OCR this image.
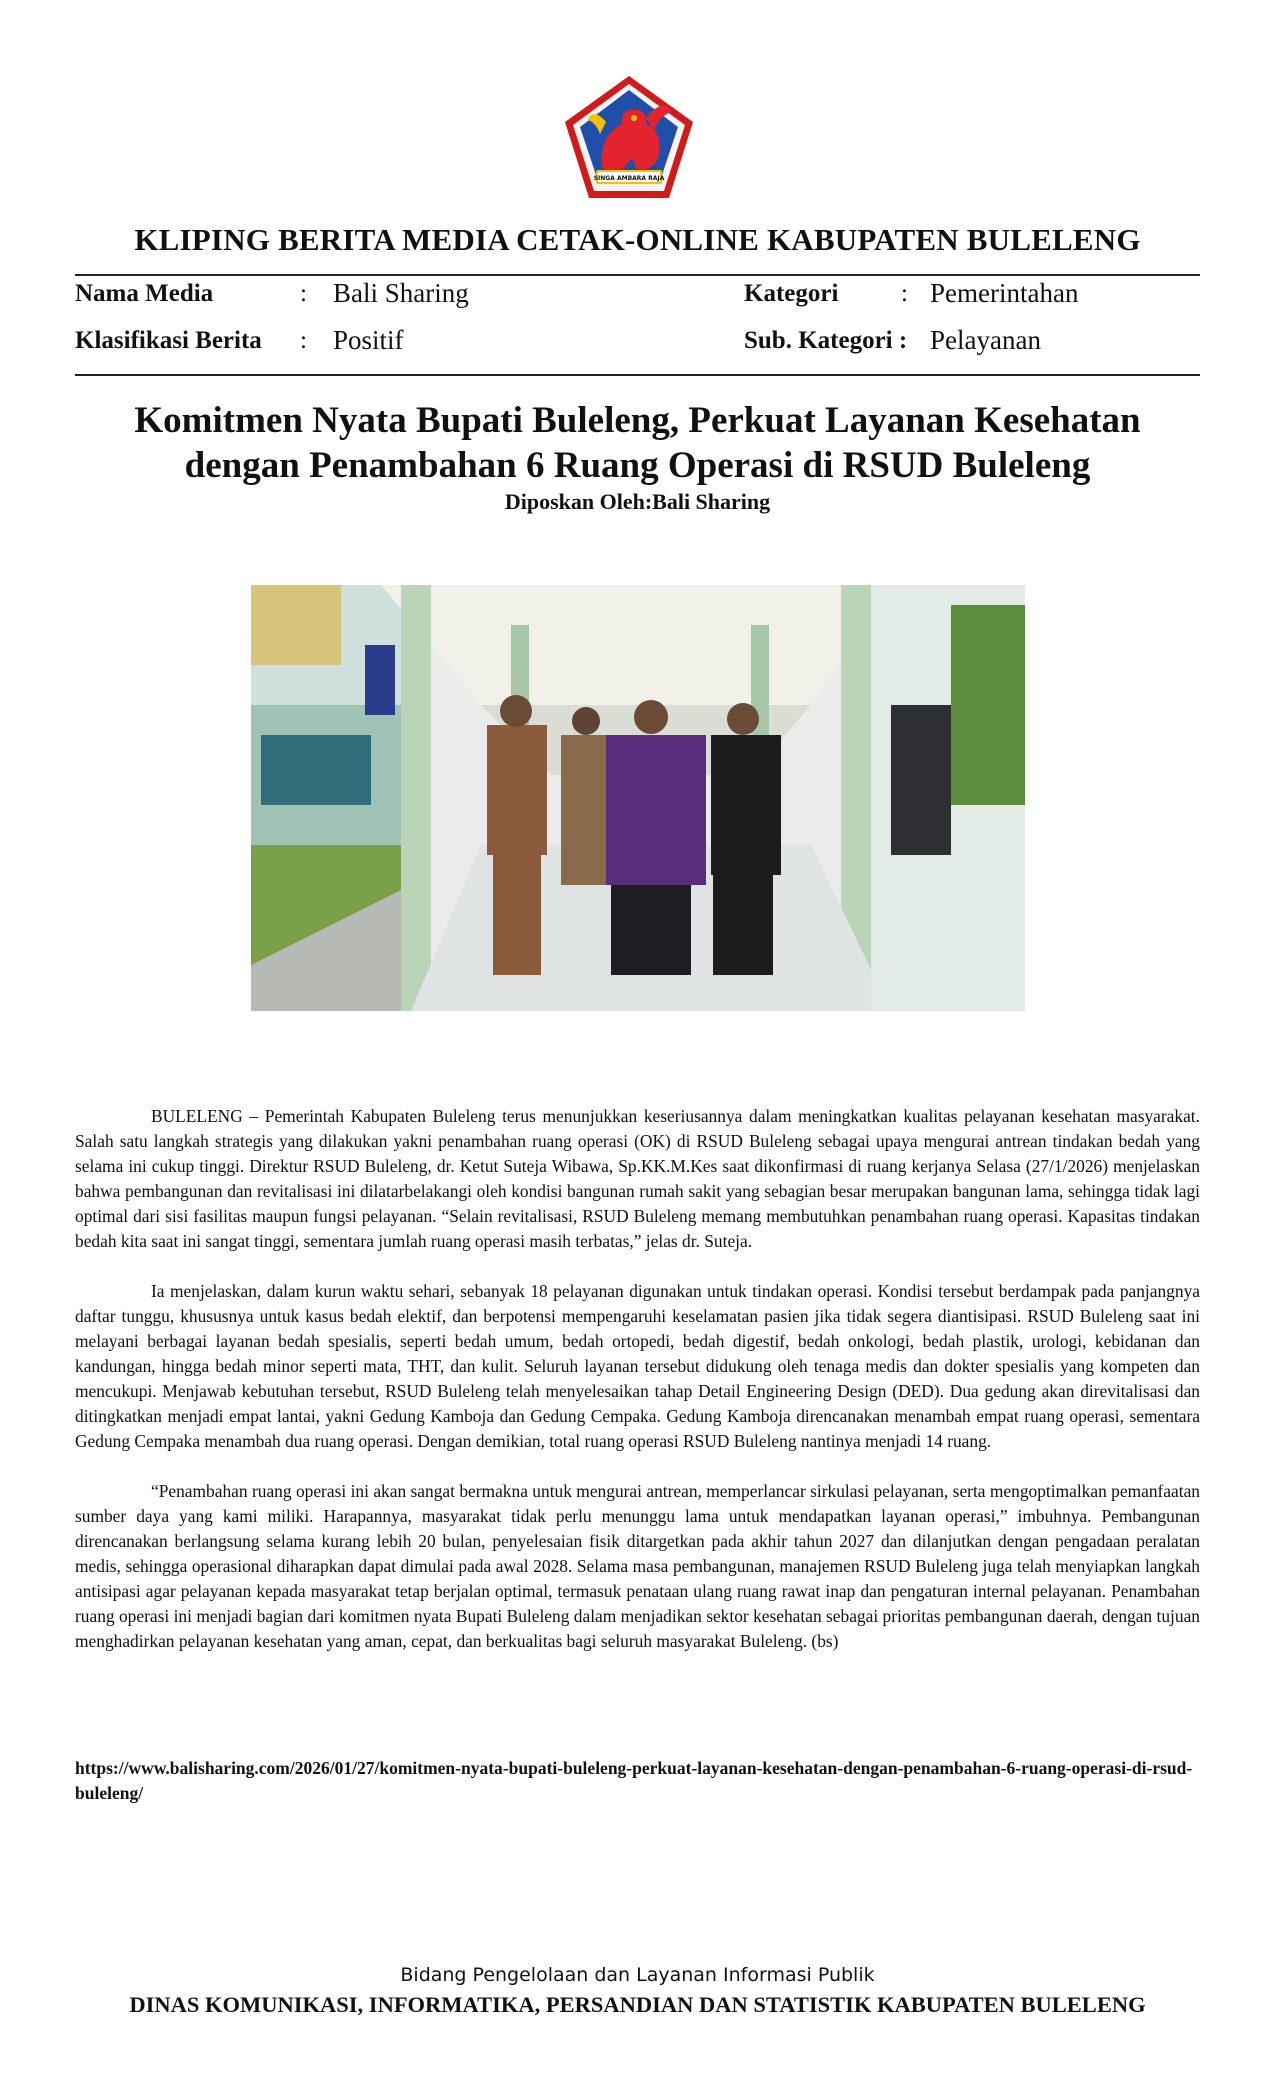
SINGA AMBARA RAJA
KLIPING BERITA MEDIA CETAK-ONLINE KABUPATEN BULELENG
Nama Media	: Bali Sharing	Kategori	: Pemerintahan
Klasifikasi Berita : Positif	Sub. Kategori : Pelayanan
Komitmen Nyata Bupati Buleleng, Perkuat Layanan Kesehatan dengan Penambahan 6 Ruang Operasi di RSUD Buleleng
Diposkan Oleh:Bali Sharing

BULELENG – Pemerintah Kabupaten Buleleng terus menunjukkan keseriusannya dalam meningkatkan kualitas pelayanan kesehatan masyarakat. Salah satu langkah strategis yang dilakukan yakni penambahan ruang operasi (OK) di RSUD Buleleng sebagai upaya mengurai antrean tindakan bedah yang selama ini cukup tinggi. Direktur RSUD Buleleng, dr. Ketut Suteja Wibawa, Sp.KK.M.Kes saat dikonfirmasi di ruang kerjanya Selasa (27/1/2026) menjelaskan bahwa pembangunan dan revitalisasi ini dilatarbelakangi oleh kondisi bangunan rumah sakit yang sebagian besar merupakan bangunan lama, sehingga tidak lagi optimal dari sisi fasilitas maupun fungsi pelayanan. “Selain revitalisasi, RSUD Buleleng memang membutuhkan penambahan ruang operasi. Kapasitas tindakan bedah kita saat ini sangat tinggi, sementara jumlah ruang operasi masih terbatas,” jelas dr. Suteja.

Ia menjelaskan, dalam kurun waktu sehari, sebanyak 18 pelayanan digunakan untuk tindakan operasi. Kondisi tersebut berdampak pada panjangnya daftar tunggu, khususnya untuk kasus bedah elektif, dan berpotensi mempengaruhi keselamatan pasien jika tidak segera diantisipasi. RSUD Buleleng saat ini melayani berbagai layanan bedah spesialis, seperti bedah umum, bedah ortopedi, bedah digestif, bedah onkologi, bedah plastik, urologi, kebidanan dan kandungan, hingga bedah minor seperti mata, THT, dan kulit. Seluruh layanan tersebut didukung oleh tenaga medis dan dokter spesialis yang kompeten dan mencukupi. Menjawab kebutuhan tersebut, RSUD Buleleng telah menyelesaikan tahap Detail Engineering Design (DED). Dua gedung akan direvitalisasi dan ditingkatkan menjadi empat lantai, yakni Gedung Kamboja dan Gedung Cempaka. Gedung Kamboja direncanakan menambah empat ruang operasi, sementara Gedung Cempaka menambah dua ruang operasi. Dengan demikian, total ruang operasi RSUD Buleleng nantinya menjadi 14 ruang.

“Penambahan ruang operasi ini akan sangat bermakna untuk mengurai antrean, memperlancar sirkulasi pelayanan, serta mengoptimalkan pemanfaatan sumber daya yang kami miliki. Harapannya, masyarakat tidak perlu menunggu lama untuk mendapatkan layanan operasi,” imbuhnya. Pembangunan direncanakan berlangsung selama kurang lebih 20 bulan, penyelesaian fisik ditargetkan pada akhir tahun 2027 dan dilanjutkan dengan pengadaan peralatan medis, sehingga operasional diharapkan dapat dimulai pada awal 2028. Selama masa pembangunan, manajemen RSUD Buleleng juga telah menyiapkan langkah antisipasi agar pelayanan kepada masyarakat tetap berjalan optimal, termasuk penataan ulang ruang rawat inap dan pengaturan internal pelayanan. Penambahan ruang operasi ini menjadi bagian dari komitmen nyata Bupati Buleleng dalam menjadikan sektor kesehatan sebagai prioritas pembangunan daerah, dengan tujuan menghadirkan pelayanan kesehatan yang aman, cepat, dan berkualitas bagi seluruh masyarakat Buleleng. (bs)

https://www.balisharing.com/2026/01/27/komitmen-nyata-bupati-buleleng-perkuat-layanan-kesehatan-dengan-penambahan-6-ruang-operasi-di-rsud-buleleng/
Bidang Pengelolaan dan Layanan Informasi Publik
DINAS KOMUNIKASI, INFORMATIKA, PERSANDIAN DAN STATISTIK KABUPATEN BULELENG
